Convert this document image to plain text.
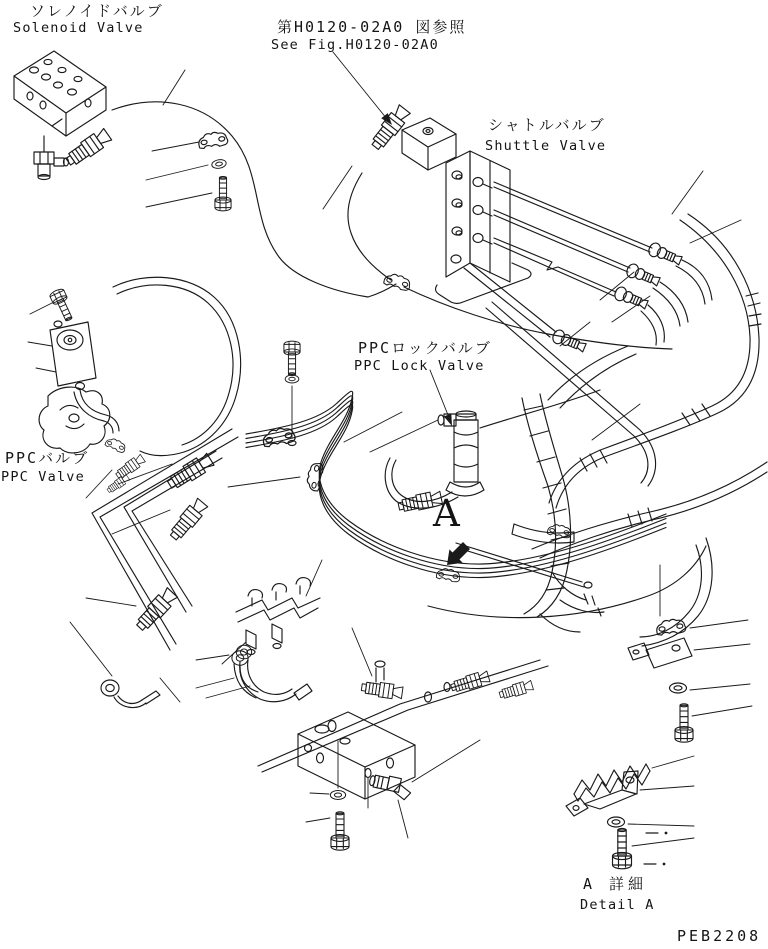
ソレノイドバルブ
Solenoid Valve	第H0120-02A0 図参照
See Fig.H0120-02A0
シャトルバルブ
Shuttle Valve
PPCロックバルブ
PPC Lock Valve
PPCバルブ
PPC Valve
A
A 詳細
Detail A
PEB2208
